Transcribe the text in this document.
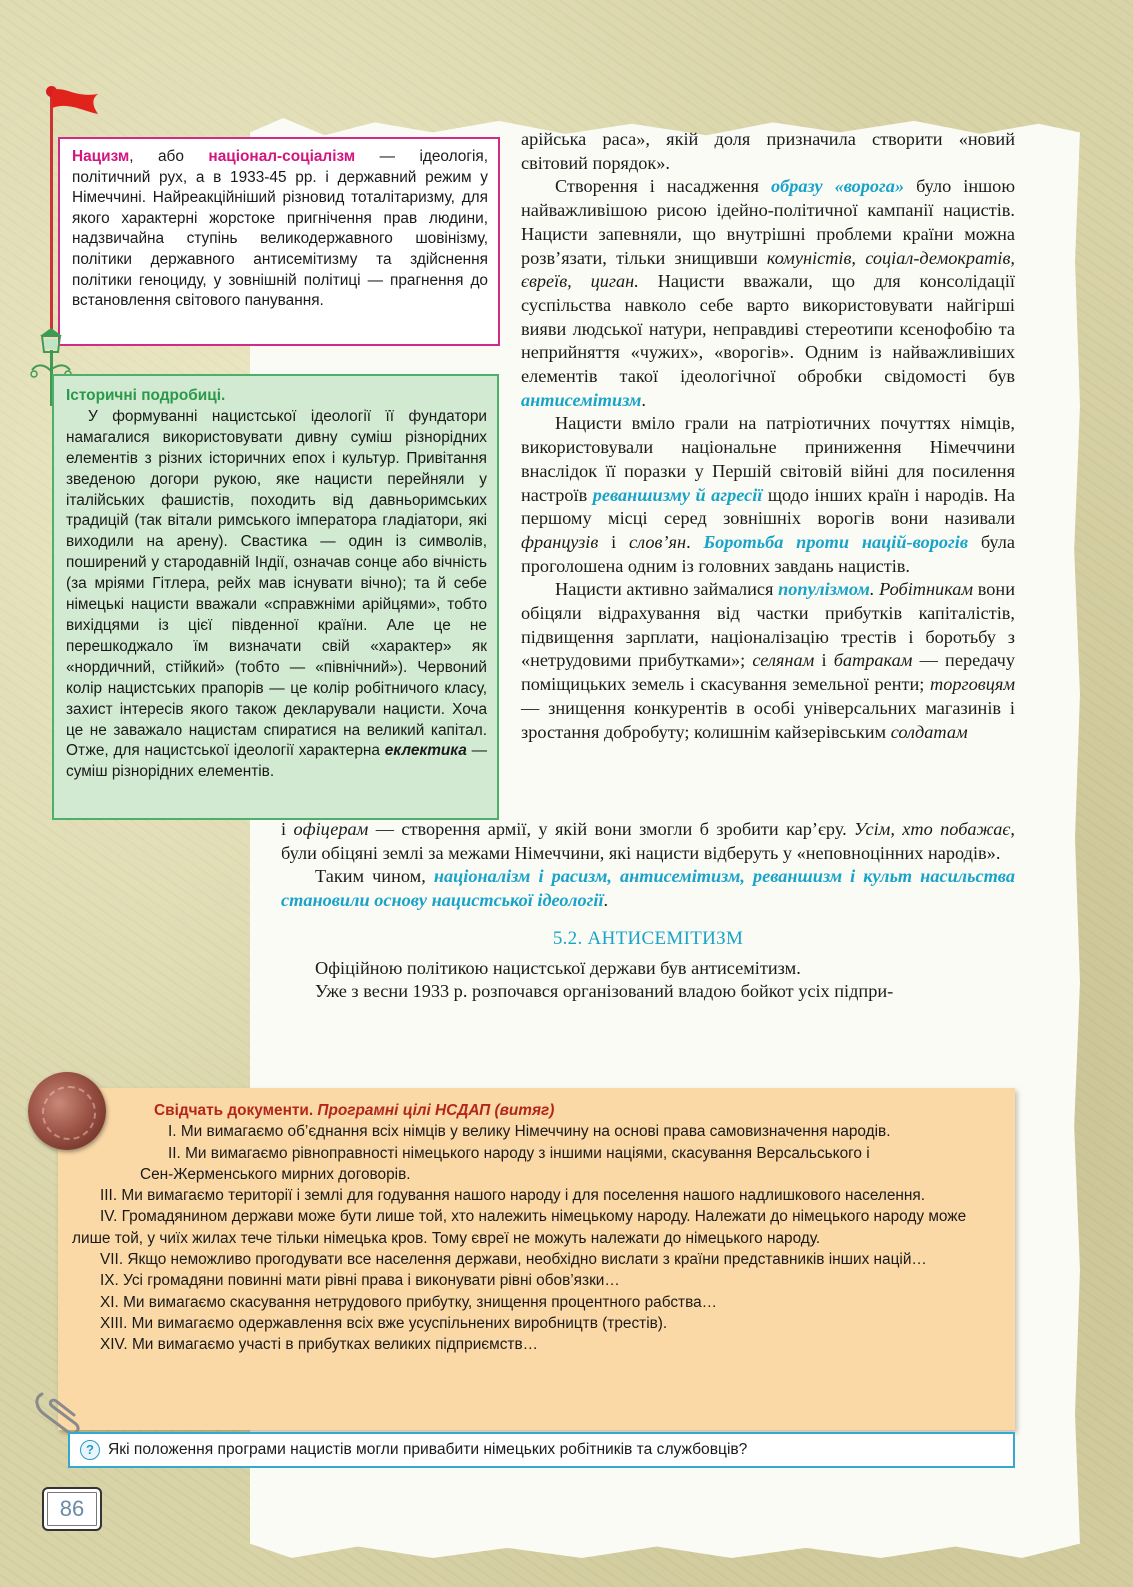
Нацизм, або націонал-соціалізм — ідеологія, політичний рух, а в 1933-45 рр. і державний режим у Німеччині. Найреакційніший різновид тоталітаризму, для якого характерні жорстоке пригнічення прав людини, надзвичайна ступінь великодержавного шовінізму, політики державного антисемітизму та здійснення політики геноциду, у зовнішній політиці — прагнення до встановлення світового панування.
Історичні подробиці.
У формуванні нацистської ідеології її фундатори намагалися використовувати дивну суміш різнорідних елементів з різних історичних епох і культур. Привітання зведеною догори рукою, яке нацисти перейняли у італійських фашистів, походить від давньоримських традицій (так вітали римського імператора гладіатори, які виходили на арену). Свастика — один із символів, поширений у стародавній Індії, означав сонце або вічність (за мріями Гітлера, рейх мав існувати вічно); та й себе німецькі нацисти вважали «справжніми арійцями», тобто вихідцями із цієї південної країни. Але це не перешкоджало їм визначати свій «характер» як «нордичний, стійкий» (тобто — «північний»). Червоний колір нацистських прапорів — це колір робітничого класу, захист інтересів якого також декларували нацисти. Хоча це не заважало нацистам спиратися на великий капітал. Отже, для нацистської ідеології характерна еклектика — суміш різнорідних елементів.

арійська раса», якій доля призначила створити «новий світовий порядок».

Створення і насадження образу «ворога» було іншою найважливішою рисою ідейно-політичної кампанії нацистів. Нацисти запевняли, що внутрішні проблеми країни можна розв’язати, тільки знищивши комуністів, соціал-демократів, євреїв, циган. Нацисти вважали, що для консолідації суспільства навколо себе варто використовувати найгірші вияви людської натури, неправдиві стереотипи ксенофобію та неприйняття «чужих», «ворогів». Одним із найважливіших елементів такої ідеологічної обробки свідомості був антисемітизм.

Нацисти вміло грали на патріотичних почуттях німців, використовували національне приниження Німеччини внаслідок її поразки у Першій світовій війні для посилення настроїв реваншизму й агресії щодо інших країн і народів. На першому місці серед зовнішніх ворогів вони називали французів і слов’ян. Боротьба проти націй-ворогів була проголошена одним із головних завдань нацистів.

Нацисти активно займалися популізмом. Робітникам вони обіцяли відрахування від частки прибутків капіталістів, підвищення зарплати, націоналізацію трестів і боротьбу з «нетрудовими прибутками»; селянам і батракам — передачу поміщицьких земель і скасування земельної ренти; торговцям — знищення конкурентів в особі універсальних магазинів і зростання добробуту; колишнім кайзерівським солдатам

і офіцерам — створення армії, у якій вони змогли б зробити кар’єру. Усім, хто побажає, були обіцяні землі за межами Німеччини, які нацисти відберуть у «неповноцінних народів».

Таким чином, націоналізм і расизм, антисемітизм, реваншизм і культ насильства становили основу нацистської ідеології.

5.2. АНТИСЕМІТИЗМ

Офіційною політикою нацистської держави був антисемітизм.

Уже з весни 1933 р. розпочався організований владою бойкот усіх підпри-

Свідчать документи. Програмні цілі НСДАП (витяг)
I. Ми вимагаємо об’єднання всіх німців у велику Німеччину на основі права самовизначення народів.
II. Ми вимагаємо рівноправності німецького народу з іншими націями, скасування Версальського і
Сен-Жерменського мирних договорів.
III. Ми вимагаємо території і землі для годування нашого народу і для поселення нашого надлишкового населення.
IV. Громадянином держави може бути лише той, хто належить німецькому народу. Належати до німецького народу може лише той, у чиїх жилах тече тільки німецька кров. Тому євреї не можуть належати до німецького народу.
VII. Якщо неможливо прогодувати все населення держави, необхідно вислати з країни представників інших націй…
IX. Усі громадяни повинні мати рівні права і виконувати рівні обов’язки…
XI. Ми вимагаємо скасування нетрудового прибутку, знищення процентного рабства…
XIII. Ми вимагаємо одержавлення всіх вже усуспільнених виробництв (трестів).
XIV. Ми вимагаємо участі в прибутках великих підприємств…
? Які положення програми нацистів могли привабити німецьких робітників та службовців?
86
